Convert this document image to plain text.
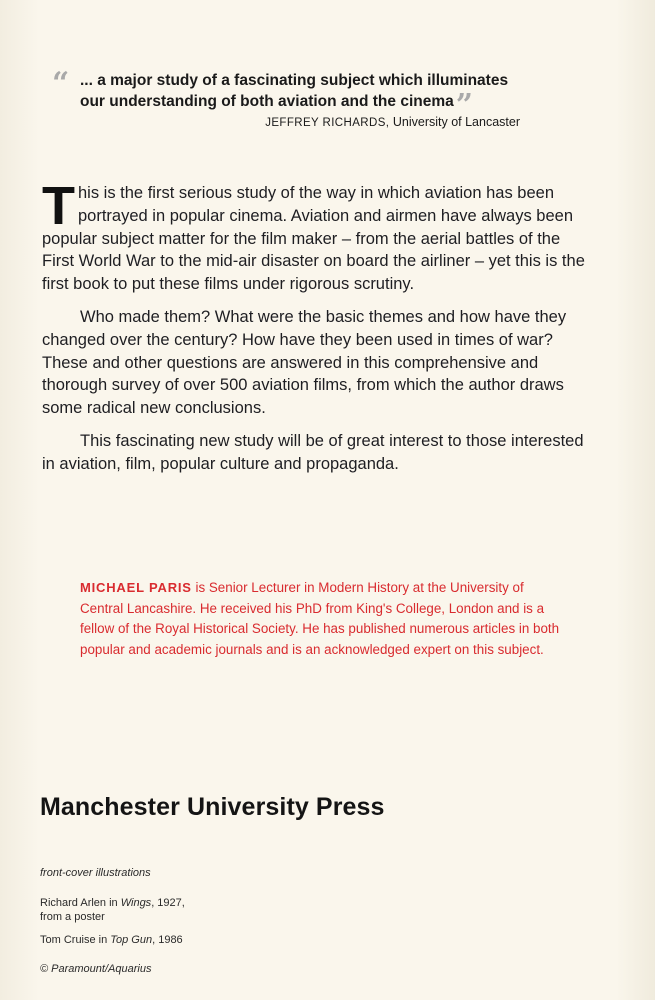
“ ... a major study of a fascinating subject which illuminates our understanding of both aviation and the cinema”
JEFFREY RICHARDS, University of Lancaster

This is the first serious study of the way in which aviation has been portrayed in popular cinema. Aviation and airmen have always been popular subject matter for the film maker – from the aerial battles of the First World War to the mid-air disaster on board the airliner – yet this is the first book to put these films under rigorous scrutiny.

Who made them? What were the basic themes and how have they changed over the century? How have they been used in times of war? These and other questions are answered in this comprehensive and thorough survey of over 500 aviation films, from which the author draws some radical new conclusions.

This fascinating new study will be of great interest to those interested in aviation, film, popular culture and propaganda.

MICHAEL PARIS is Senior Lecturer in Modern History at the University of Central Lancashire. He received his PhD from King's College, London and is a fellow of the Royal Historical Society. He has published numerous articles in both popular and academic journals and is an acknowledged expert on this subject.
Manchester University Press
front-cover illustrations
Richard Arlen in Wings, 1927,
from a poster
Tom Cruise in Top Gun, 1986
© Paramount/Aquarius
